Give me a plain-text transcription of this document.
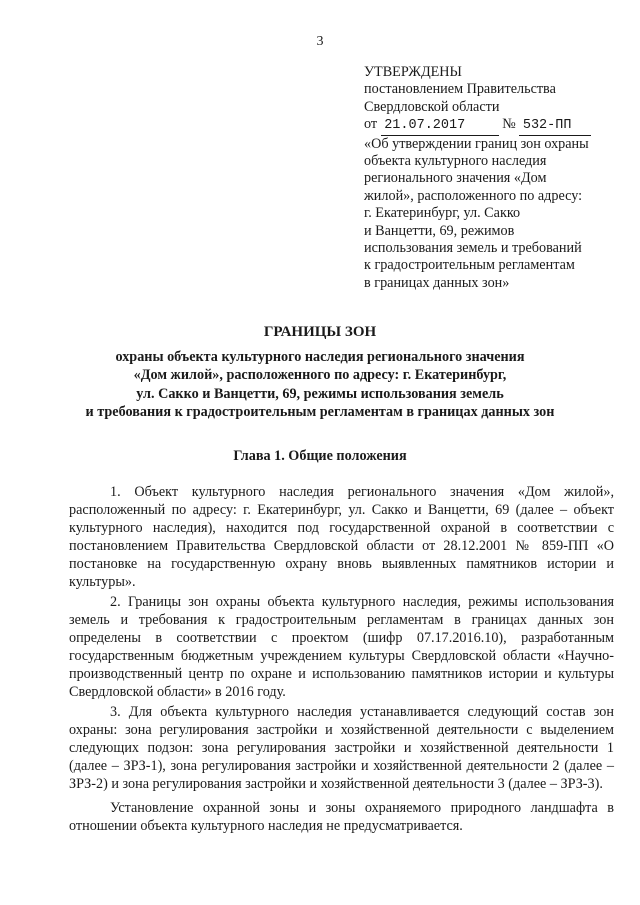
3
УТВЕРЖДЕНЫ
постановлением Правительства
Свердловской области
от 21.07.2017	№ 532-ПП
«Об утверждении границ зон охраны
объекта культурного наследия
регионального значения «Дом
жилой», расположенного по адресу:
г. Екатеринбург, ул. Сакко
и Ванцетти, 69, режимов
использования земель и требований
к градостроительным регламентам
в границах данных зон»
ГРАНИЦЫ ЗОН
охраны объекта культурного наследия регионального значения
«Дом жилой», расположенного по адресу: г. Екатеринбург,
ул. Сакко и Ванцетти, 69, режимы использования земель
и требования к градостроительным регламентам в границах данных зон
Глава 1. Общие положения

1. Объект культурного наследия регионального значения «Дом жилой», расположенный по адресу: г. Екатеринбург, ул. Сакко и Ванцетти, 69 (далее – объект культурного наследия), находится под государственной охраной в соответствии с постановлением Правительства Свердловской области от 28.12.2001 № 859-ПП «О постановке на государственную охрану вновь выявленных памятников истории и культуры».

2. Границы зон охраны объекта культурного наследия, режимы использования земель и требования к градостроительным регламентам в границах данных зон определены в соответствии с проектом (шифр 07.17.2016.10), разработанным государственным бюджетным учреждением культуры Свердловской области «Научно-производственный центр по охране и использованию памятников истории и культуры Свердловской области» в 2016 году.

3. Для объекта культурного наследия устанавливается следующий состав зон охраны: зона регулирования застройки и хозяйственной деятельности с выделением следующих подзон: зона регулирования застройки и хозяйственной деятельности 1 (далее – ЗРЗ-1), зона регулирования застройки и хозяйственной деятельности 2 (далее – ЗРЗ-2) и зона регулирования застройки и хозяйственной деятельности 3 (далее – ЗРЗ-3).

Установление охранной зоны и зоны охраняемого природного ландшафта в отношении объекта культурного наследия не предусматривается.
